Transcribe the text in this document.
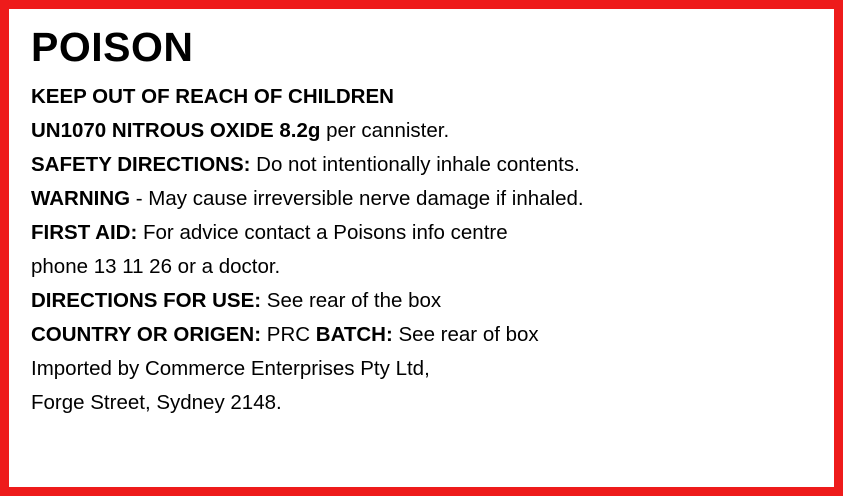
POISON
KEEP OUT OF REACH OF CHILDREN
UN1070 NITROUS OXIDE 8.2g per cannister.
SAFETY DIRECTIONS: Do not intentionally inhale contents.
WARNING - May cause irreversible nerve damage if inhaled.
FIRST AID: For advice contact a Poisons info centre
phone 13 11 26 or a doctor.
DIRECTIONS FOR USE: See rear of the box
COUNTRY OR ORIGEN: PRC BATCH: See rear of box
Imported by Commerce Enterprises Pty Ltd,
Forge Street, Sydney 2148.
